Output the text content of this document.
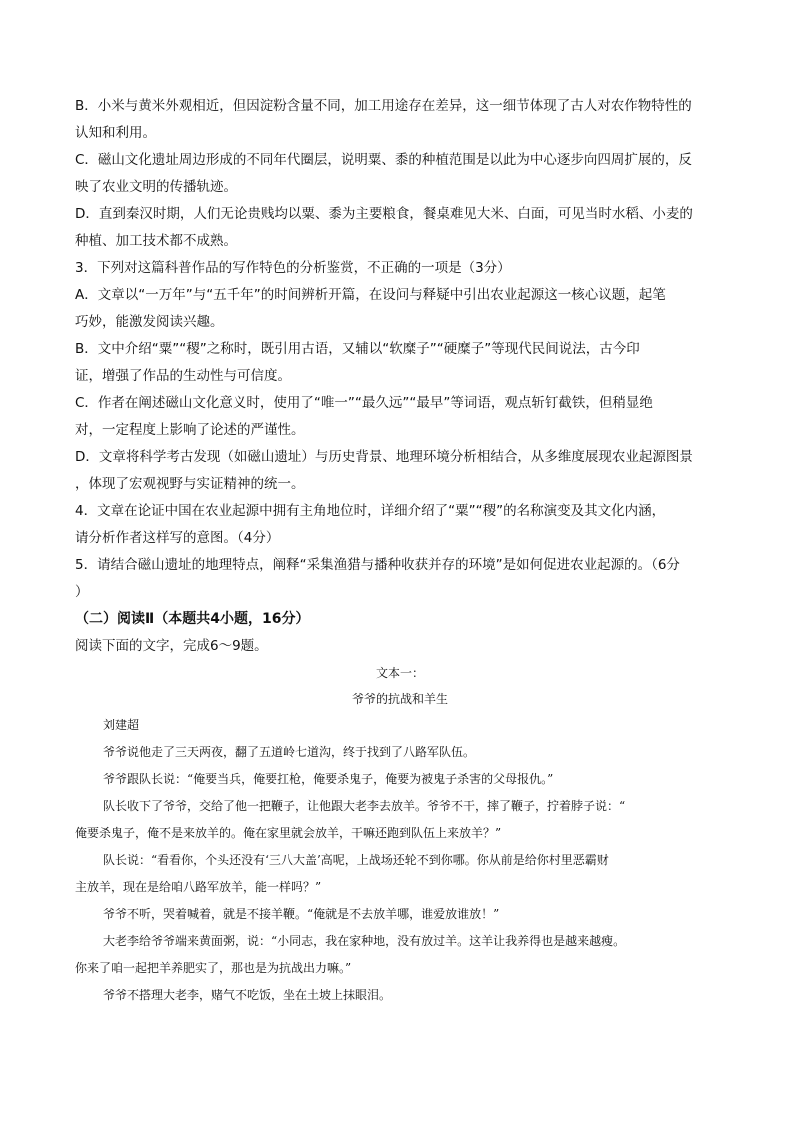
B．小米与黄米外观相近，但因淀粉含量不同，加工用途存在差异，这一细节体现了古人对农作物特性的

认知和利用。

C．磁山文化遗址周边形成的不同年代圈层，说明粟、黍的种植范围是以此为中心逐步向四周扩展的，反

映了农业文明的传播轨迹。

D．直到秦汉时期，人们无论贵贱均以粟、黍为主要粮食，餐桌难见大米、白面，可见当时水稻、小麦的

种植、加工技术都不成熟。

3．下列对这篇科普作品的写作特色的分析鉴赏，不正确的一项是（3分）

A．文章以“一万年”与“五千年”的时间辨析开篇，在设问与释疑中引出农业起源这一核心议题，起笔

巧妙，能激发阅读兴趣。

B．文中介绍“粟”“稷”之称时，既引用古语，又辅以“软糜子”“硬糜子”等现代民间说法，古今印

证，增强了作品的生动性与可信度。

C．作者在阐述磁山文化意义时，使用了“唯一”“最久远”“最早”等词语，观点斩钉截铁，但稍显绝

对，一定程度上影响了论述的严谨性。

D．文章将科学考古发现（如磁山遗址）与历史背景、地理环境分析相结合，从多维度展现农业起源图景

，体现了宏观视野与实证精神的统一。

4．文章在论证中国在农业起源中拥有主角地位时，详细介绍了“粟”“稷”的名称演变及其文化内涵，

请分析作者这样写的意图。（4分）

5．请结合磁山遗址的地理特点，阐释“采集渔猎与播种收获并存的环境”是如何促进农业起源的。（6分

）

（二）阅读Ⅱ（本题共4小题，16分）

阅读下面的文字，完成6～9题。

文本一：

爷爷的抗战和羊生

刘建超

爷爷说他走了三天两夜，翻了五道岭七道沟，终于找到了八路军队伍。

爷爷跟队长说：“俺要当兵，俺要扛枪，俺要杀鬼子，俺要为被鬼子杀害的父母报仇。”

队长收下了爷爷，交给了他一把鞭子，让他跟大老李去放羊。爷爷不干，摔了鞭子，拧着脖子说：“

俺要杀鬼子，俺不是来放羊的。俺在家里就会放羊，干嘛还跑到队伍上来放羊？”

队长说：“看看你，个头还没有‘三八大盖’高呢，上战场还轮不到你哪。你从前是给你村里恶霸财

主放羊，现在是给咱八路军放羊，能一样吗？”

爷爷不听，哭着喊着，就是不接羊鞭。“俺就是不去放羊哪，谁爱放谁放！”

大老李给爷爷端来黄面粥，说：“小同志，我在家种地，没有放过羊。这羊让我养得也是越来越瘦。

你来了咱一起把羊养肥实了，那也是为抗战出力嘛。”

爷爷不搭理大老李，赌气不吃饭，坐在土坡上抹眼泪。
